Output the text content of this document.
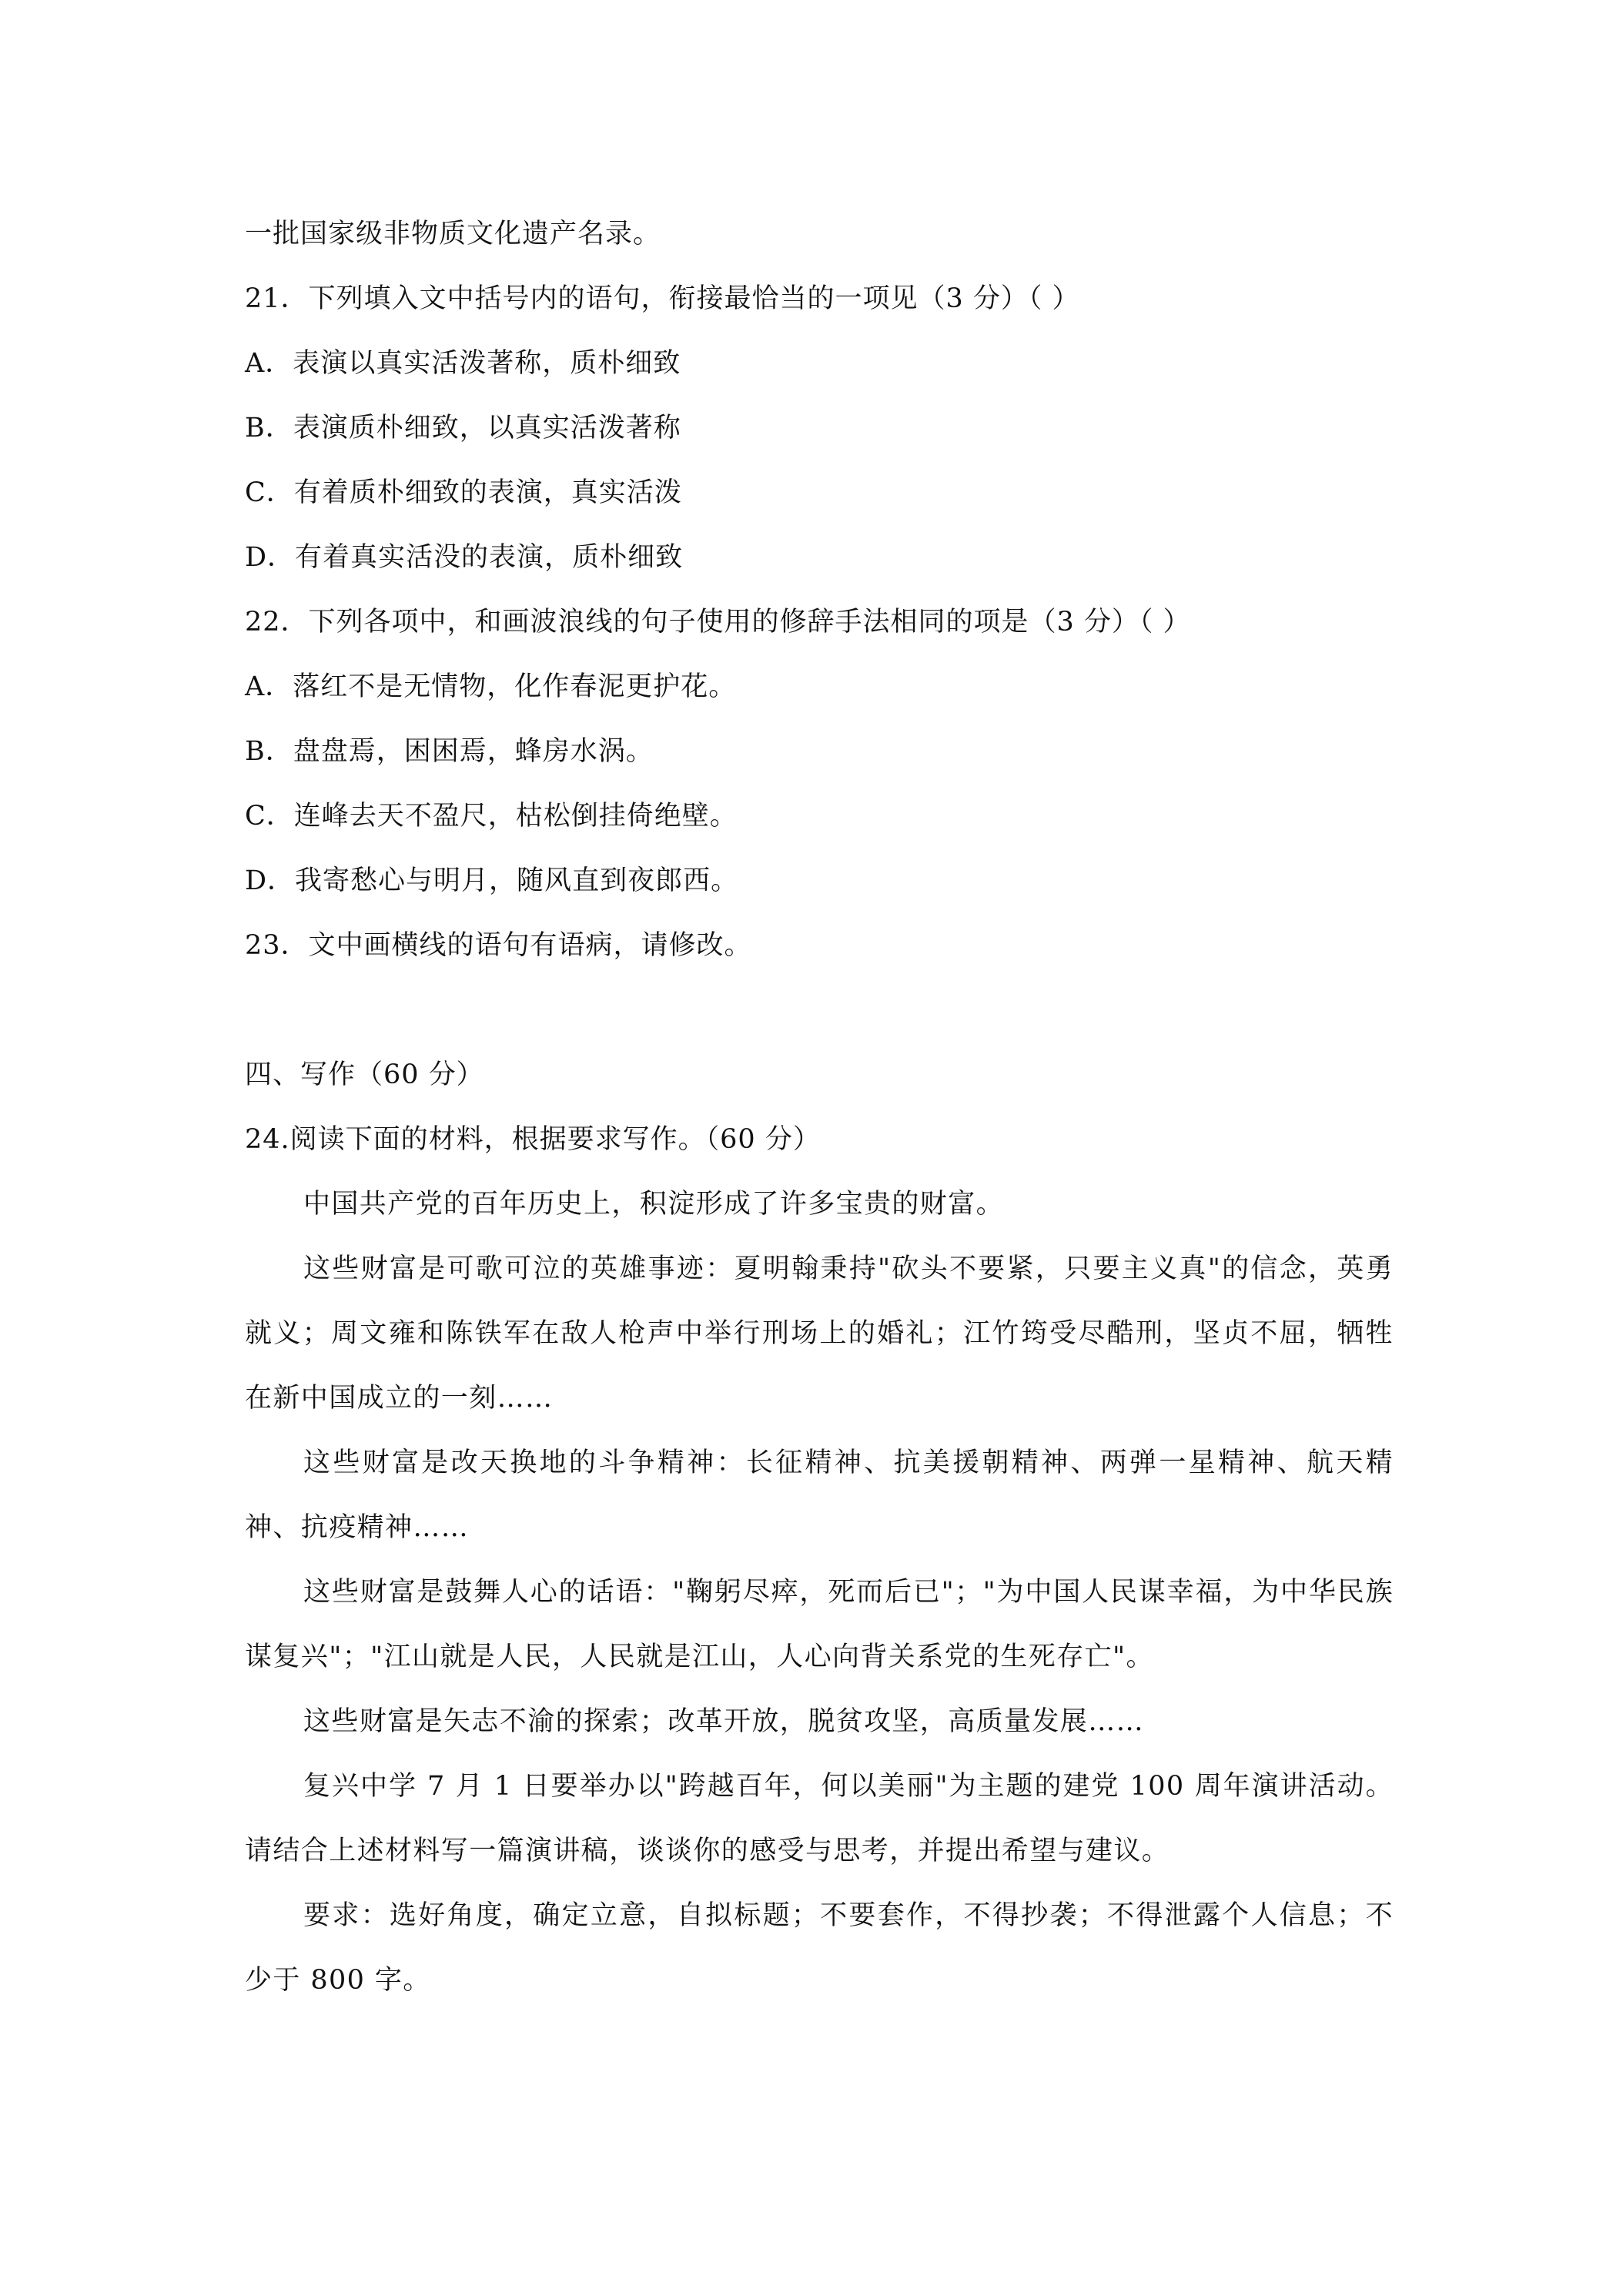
一批国家级非物质文化遗产名录。
21．下列填入文中括号内的语句，衔接最恰当的一项见（3 分）（ ）
A．表演以真实活泼著称，质朴细致
B．表演质朴细致，以真实活泼著称
C．有着质朴细致的表演，真实活泼
D．有着真实活没的表演，质朴细致
22．下列各项中，和画波浪线的句子使用的修辞手法相同的项是（3 分）（ ）
A．落红不是无情物，化作春泥更护花。
B．盘盘焉，困困焉，蜂房水涡。
C．连峰去天不盈尺，枯松倒挂倚绝壁。
D．我寄愁心与明月，随风直到夜郎西。
23．文中画横线的语句有语病，请修改。
四、写作（60 分）
24.阅读下面的材料，根据要求写作。（60 分）

中国共产党的百年历史上，积淀形成了许多宝贵的财富。

这些财富是可歌可泣的英雄事迹：夏明翰秉持"砍头不要紧，只要主义真"的信念，英勇就义；周文雍和陈铁军在敌人枪声中举行刑场上的婚礼；江竹筠受尽酷刑，坚贞不屈，牺牲在新中国成立的一刻……

这些财富是改天换地的斗争精神：长征精神、抗美援朝精神、两弹一星精神、航天精神、抗疫精神……

这些财富是鼓舞人心的话语："鞠躬尽瘁，死而后已"；"为中国人民谋幸福，为中华民族谋复兴"；"江山就是人民，人民就是江山，人心向背关系党的生死存亡"。

这些财富是矢志不渝的探索；改革开放，脱贫攻坚，高质量发展……

复兴中学 7 月 1 日要举办以"跨越百年，何以美丽"为主题的建党 100 周年演讲活动。请结合上述材料写一篇演讲稿，谈谈你的感受与思考，并提出希望与建议。

要求：选好角度，确定立意，自拟标题；不要套作，不得抄袭；不得泄露个人信息；不少于 800 字。
